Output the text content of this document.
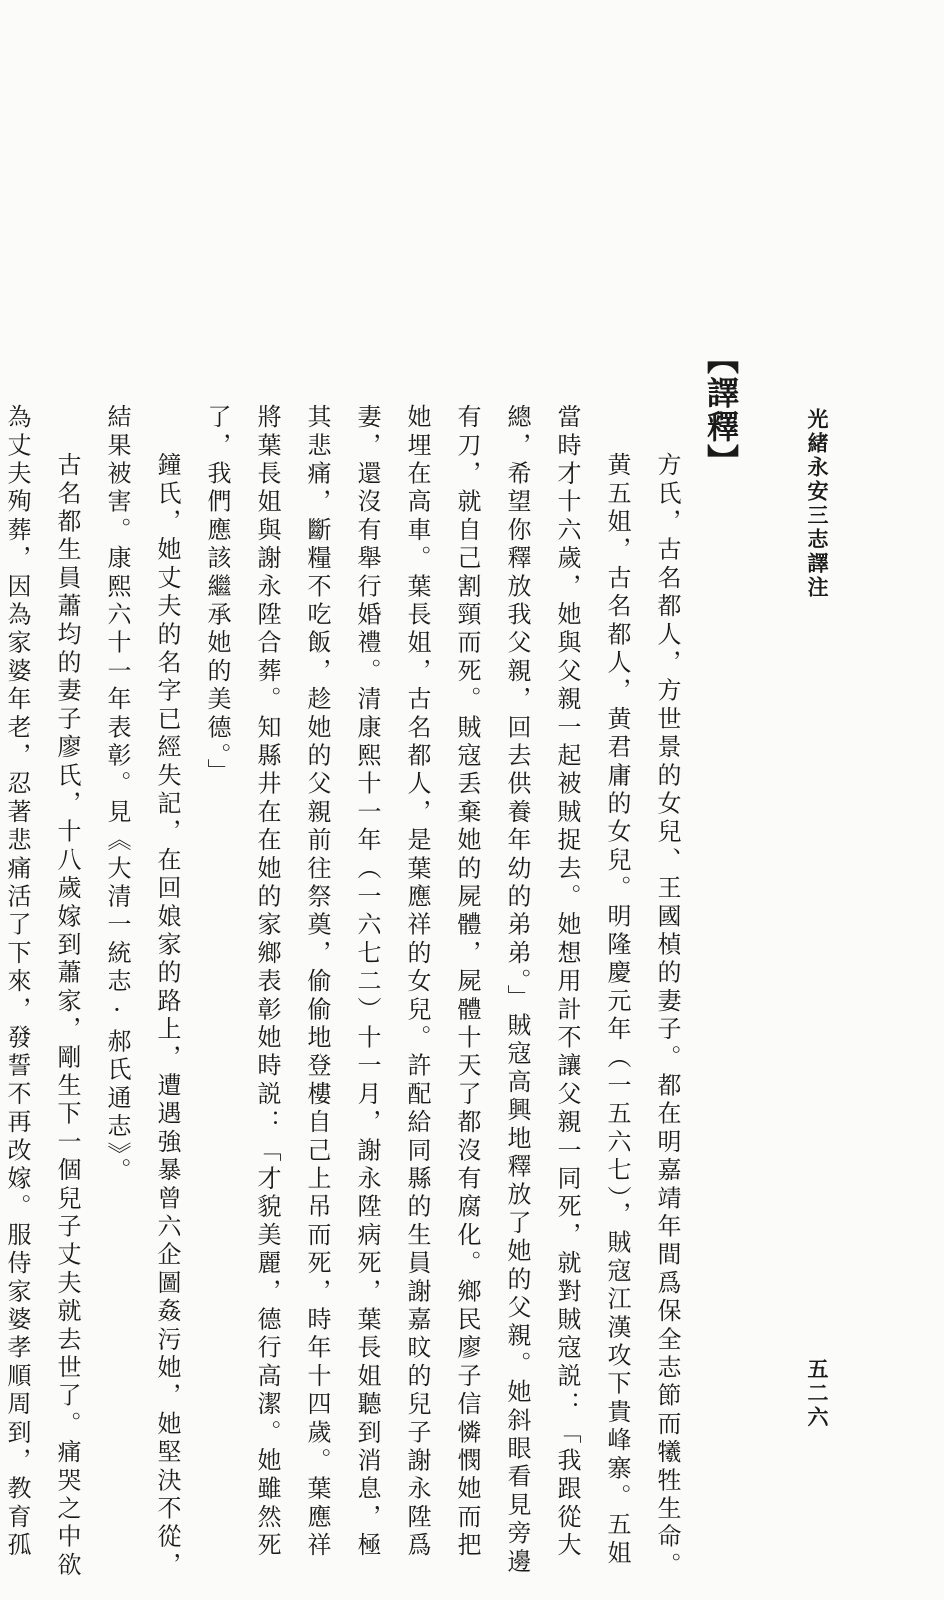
光緒永安三志譯注
五二六
【譯釋】

方氏，古名都人，方世景的女兒、王國楨的妻子。都在明嘉靖年間爲保全志節而犧牲生命。

黄五姐，古名都人，黄君庸的女兒。明隆慶元年（一五六七），賊寇江漢攻下貴峰寨。五姐當時才十六歲，她與父親一起被賊捉去。她想用計不讓父親一同死，就對賊寇説：「我跟從大總，希望你釋放我父親，回去供養年幼的弟弟。」賊寇高興地釋放了她的父親。她斜眼看見旁邊有刀，就自己割頸而死。賊寇丢棄她的屍體，屍體十天了都沒有腐化。鄉民廖子信憐憫她而把她埋在高車。葉長姐，古名都人，是葉應祥的女兒。許配給同縣的生員謝嘉旼的兒子謝永陞爲妻，還沒有舉行婚禮。清康熙十一年（一六七二）十一月，謝永陞病死，葉長姐聽到消息，極其悲痛，斷糧不吃飯，趁她的父親前往祭奠，偷偷地登樓自己上吊而死，時年十四歲。葉應祥將葉長姐與謝永陞合葬。知縣井在在她的家鄉表彰她時説：「才貌美麗，德行高潔。她雖然死了，我們應該繼承她的美德。」

鐘氏，她丈夫的名字已經失記，在回娘家的路上，遭遇強暴曾六企圖姦污她，她堅決不從，結果被害。康熙六十一年表彰。見《大清一統志·郝氏通志》。

古名都生員蕭均的妻子廖氏，十八歲嫁到蕭家，剛生下一個兒子丈夫就去世了。痛哭之中欲為丈夫殉葬，因為家婆年老，忍著悲痛活了下來，發誓不再改嫁。服侍家婆孝順周到，教育孤
